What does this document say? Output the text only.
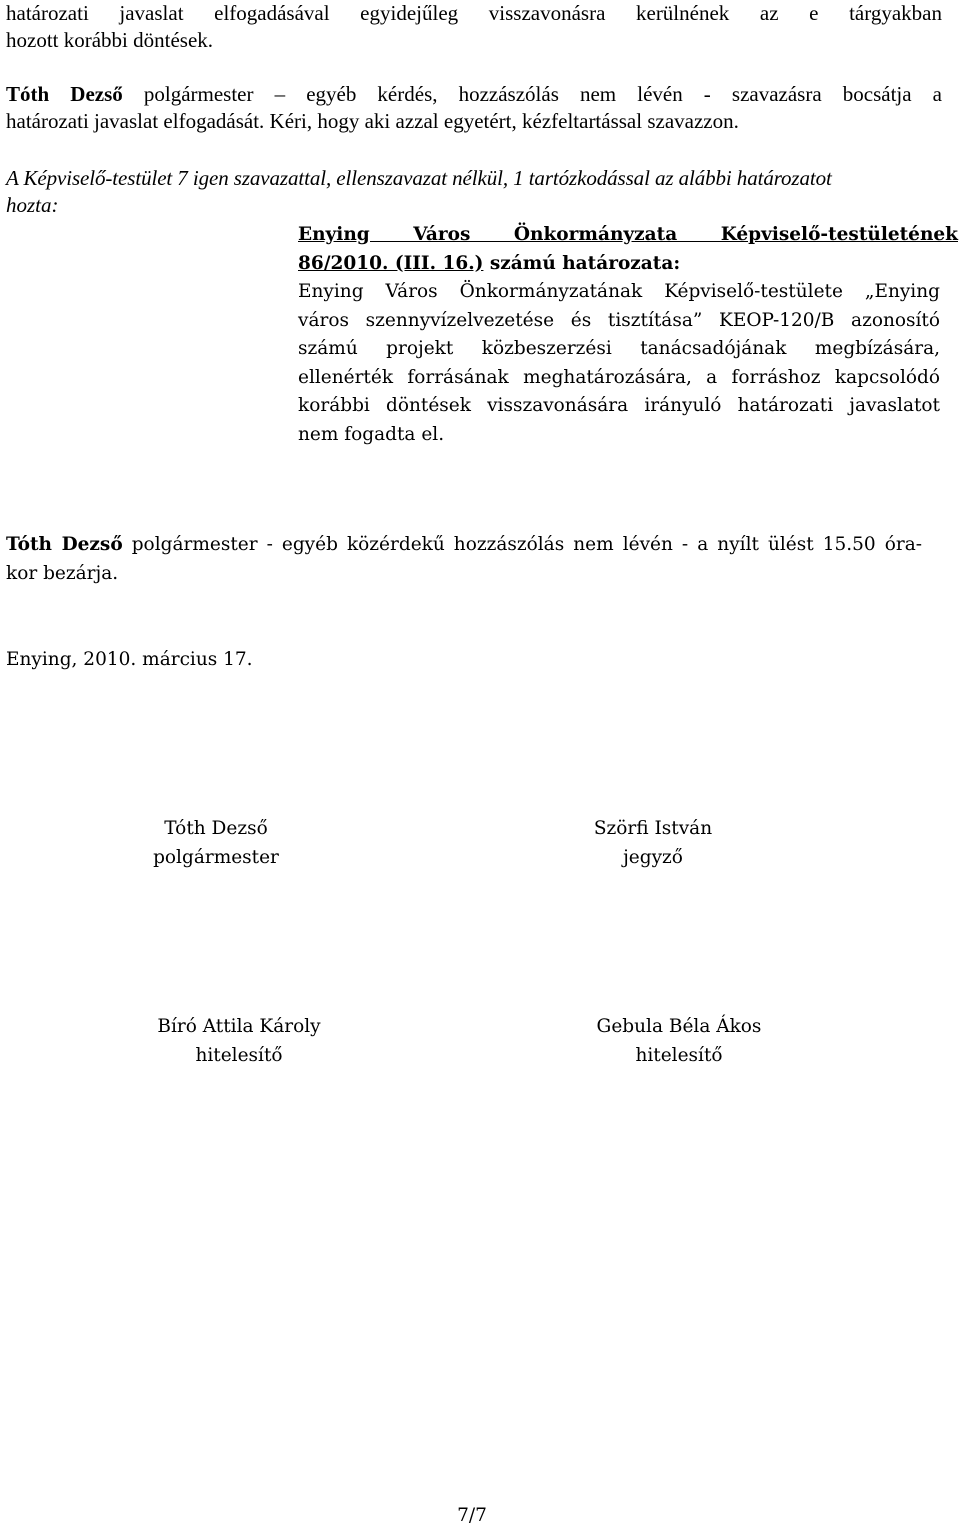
határozati javaslat elfogadásával egyidejűleg visszavonásra kerülnének az e tárgyakban

hozott korábbi döntések.

Tóth Dezső polgármester – egyéb kérdés, hozzászólás nem lévén - szavazásra bocsátja a

határozati javaslat elfogadását. Kéri, hogy aki azzal egyetért, kézfeltartással szavazzon.

A Képviselő-testület 7 igen szavazattal, ellenszavazat nélkül, 1 tartózkodással az alábbi határozatot

hozta:

Enying Város Önkormányzata Képviselő-testületének

86/2010. (III. 16.) számú határozata:

Enying Város Önkormányzatának Képviselő-testülete „Enying

város szennyvízelvezetése és tisztítása” KEOP-120/B azonosító

számú projekt közbeszerzési tanácsadójának megbízására,

ellenérték forrásának meghatározására, a forráshoz kapcsolódó

korábbi döntések visszavonására irányuló határozati javaslatot

nem fogadta el.

Tóth Dezső polgármester - egyéb közérdekű hozzászólás nem lévén - a nyílt ülést 15.50 óra-

kor bezárja.

Enying, 2010. március 17.

Tóth Dezső

polgármester

Szörfi István

jegyző

Bíró Attila Károly

hitelesítő

Gebula Béla Ákos

hitelesítő

7/7
